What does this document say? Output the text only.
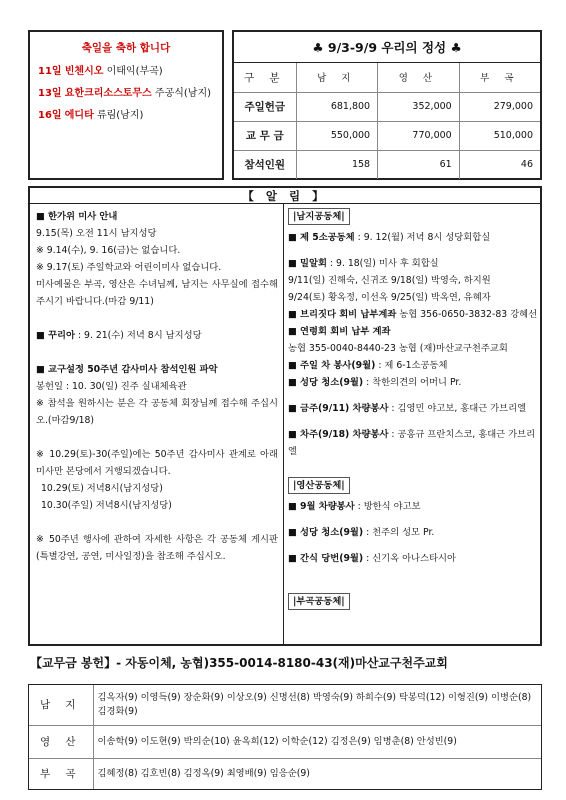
축일을 축하 합니다
11일 빈첸시오 이태익(부곡)
13일 요한크리소스토무스 주공식(남지)
16일 에디타 류림(남지)
♣ 9/3-9/9 우리의 정성 ♣
구 분	남 지	영 산	부 곡
주일헌금	681,800	352,000	279,000
교 무 금	550,000	770,000	510,000
참석인원	158	61	46
【 알 림 】
■ 한가위 미사 안내
9.15(목) 오전 11시 남지성당
※ 9.14(수), 9. 16(금)는 없습니다.
※ 9.17(토) 주일학교와 어린이미사 없습니다.
미사예물은 부곡, 영산은 수녀님께, 남지는 사무실에 접수해주시기 바랍니다.(마감 9/11)
■ 꾸리아 : 9. 21(수) 저녁 8시 남지성당
■ 교구설정 50주년 감사미사 참석인원 파악
봉헌일 : 10. 30(일) 진주 실내체육관
※ 참석을 원하시는 분은 각 공동체 회장님께 접수해 주십시오.(마감9/18)
※ 10.29(토)-30(주일)에는 50주년 감사미사 관계로 아래 미사만 본당에서 거행되겠습니다.
10.29(토) 저녁8시(남지성당)
10.30(주일) 저녁8시(남지성당)
※ 50주년 행사에 관하여 자세한 사항은 각 공동체 게시판(특별강연, 공연, 미사일정)을 참조해 주십시오.
|남지공동체|
■ 제 5소공동체 : 9. 12(월) 저녁 8시 성당회합실
■ 밀알회 : 9. 18(일) 미사 후 회합실
9/11(일) 진해숙, 신귀조 9/18(일) 박영숙, 하지원
9/24(토) 황옥정, 이선옥 9/25(일) 박옥연, 유혜자
■ 브리짓다 회비 납부계좌 농협 356-0650-3832-83 강혜선
■ 연령회 회비 납부 계좌
농협 355-0040-8440-23 농협 (재)마산교구천주교회
■ 주일 차 봉사(9월) : 제 6-1소공동체
■ 성당 청소(9월) : 착한의견의 어머니 Pr.
■ 금주(9/11) 차량봉사 : 김영민 야고보, 홍대근 가브리엘
■ 차주(9/18) 차량봉사 : 공흥규 프란치스코, 홍대근 가브리엘
|영산공동체|
■ 9월 차량봉사 : 방한식 야고보
■ 성당 청소(9월) : 천주의 성모 Pr.
■ 간식 당번(9월) : 신기옥 아나스타시아
|부곡공동체|
【교무금 봉헌】- 자동이체, 농협)355-0014-8180-43(재)마산교구천주교회
남 지	김옥자(9) 이영득(9) 장순화(9) 이상오(9) 신명선(8) 박영숙(9) 하희수(9) 탁봉덕(12) 이형진(9) 이병순(8) 김경화(9)
영 산	이송학(9) 이도현(9) 박의순(10) 윤옥희(12) 이학순(12) 김정은(9) 임병춘(8) 안성빈(9)
부 곡	김혜정(8) 김호빈(8) 김정옥(9) 최영배(9) 임응순(9)
